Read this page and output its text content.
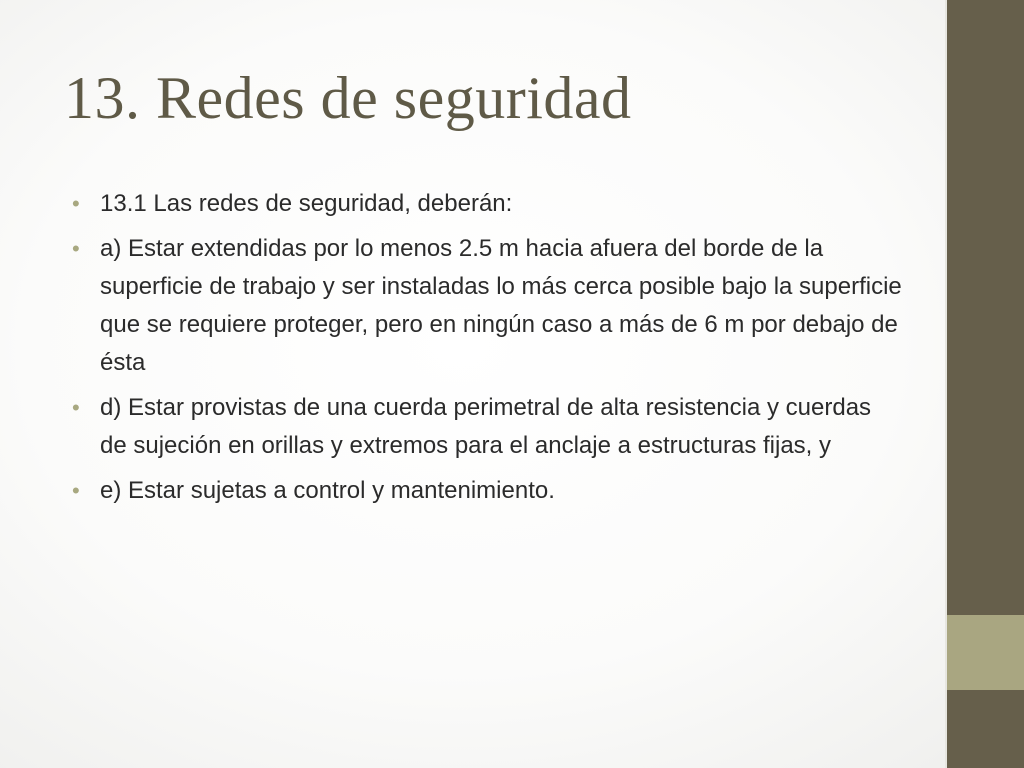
13. Redes de seguridad
• 13.1 Las redes de seguridad, deberán:
• a) Estar extendidas por lo menos 2.5 m hacia afuera del borde de la superficie de trabajo y ser instaladas lo más cerca posible bajo la superficie que se requiere proteger, pero en ningún caso a más de 6 m por debajo de ésta
• d) Estar provistas de una cuerda perimetral de alta resistencia y cuerdas de sujeción en orillas y extremos para el anclaje a estructuras fijas, y
• e) Estar sujetas a control y mantenimiento.
